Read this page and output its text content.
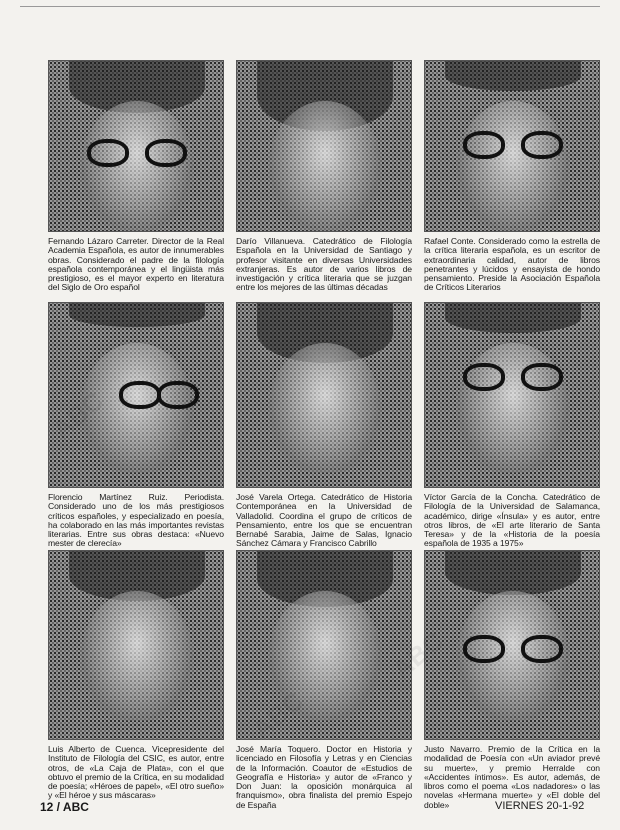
Fernando Lázaro Carreter. Director de la Real Academia Española, es autor de innumerables obras. Considerado el padre de la filología española contemporánea y el lingüista más prestigioso, es el mayor experto en literatura del Siglo de Oro español
Darío Villanueva. Catedrático de Filología Española en la Universidad de Santiago y profesor visitante en diversas Universidades extranjeras. Es autor de varios libros de investigación y crítica literaria que se juzgan entre los mejores de las últimas décadas
Rafael Conte. Considerado como la estrella de la crítica literaria española, es un escritor de extraordinaria calidad, autor de libros penetrantes y lúcidos y ensayista de hondo pensamiento. Preside la Asociación Española de Críticos Literarios
Florencio Martínez Ruiz. Periodista. Considerado uno de los más prestigiosos críticos españoles, y especializado en poesía, ha colaborado en las más importantes revistas literarias. Entre sus obras destaca: «Nuevo mester de clerecía»
José Varela Ortega. Catedrático de Historia Contemporánea en la Universidad de Valladolid. Coordina el grupo de críticos de Pensamiento, entre los que se encuentran Bernabé Sarabia, Jaime de Salas, Ignacio Sánchez Cámara y Francisco Cabrillo
Víctor García de la Concha. Catedrático de Filología de la Universidad de Salamanca, académico, dirige «Ínsula» y es autor, entre otros libros, de «El arte literario de Santa Teresa» y de la «Historia de la poesía española de 1935 a 1975»
Luis Alberto de Cuenca. Vicepresidente del Instituto de Filología del CSIC, es autor, entre otros, de «La Caja de Plata», con el que obtuvo el premio de la Crítica, en su modalidad de poesía; «Héroes de papel», «El otro sueño» y «El héroe y sus máscaras»
José María Toquero. Doctor en Historia y licenciado en Filosofía y Letras y en Ciencias de la Información. Coautor de «Estudios de Geografía e Historia» y autor de «Franco y Don Juan: la oposición monárquica al franquismo», obra finalista del premio Espejo de España
Justo Navarro. Premio de la Crítica en la modalidad de Poesía con «Un aviador prevé su muerte», y premio Herralde con «Accidentes íntimos». Es autor, además, de libros como el poema «Los nadadores» o las novelas «Hermana muerte» y «El doble del doble»
ABC
12 / ABC	VIERNES 20-1-92
